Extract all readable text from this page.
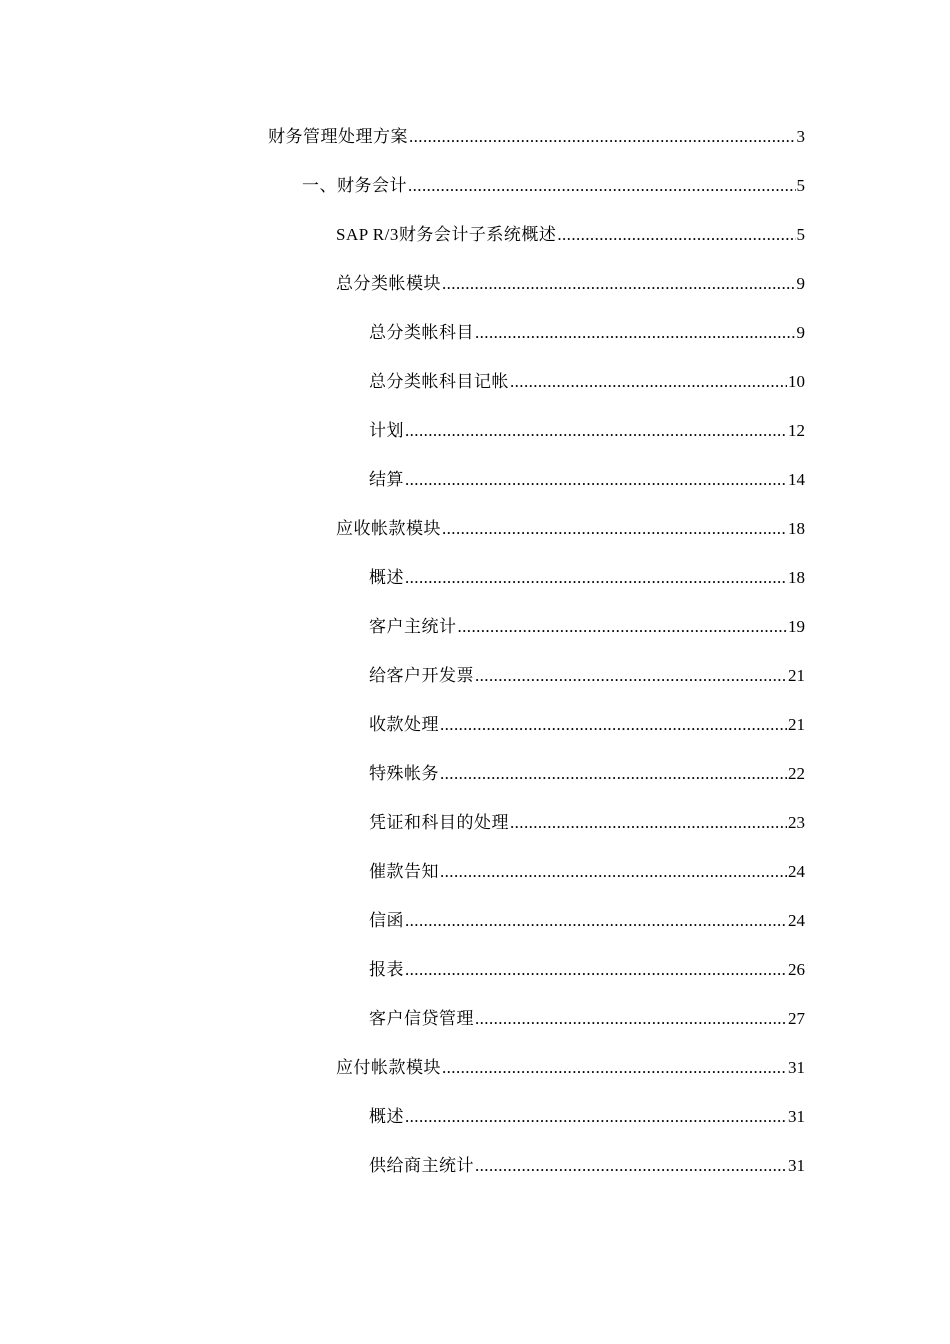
财务管理处理方案 .....	3
一、财务会计 .....	5
SAP R/3财务会计子系统概述 .....	5
总分类帐模块 .....	9
总分类帐科目 .....	9
总分类帐科目记帐 .....	10
计划 .....	12
结算 .....	14
应收帐款模块 .....	18
概述 .....	18
客户主统计 .....	19
给客户开发票 .....	21
收款处理 .....	21
特殊帐务 .....	22
凭证和科目的处理 .....	23
催款告知 .....	24
信函 .....	24
报表 .....	26
客户信贷管理 .....	27
应付帐款模块 .....	31
概述 .....	31
供给商主统计 .....	31
